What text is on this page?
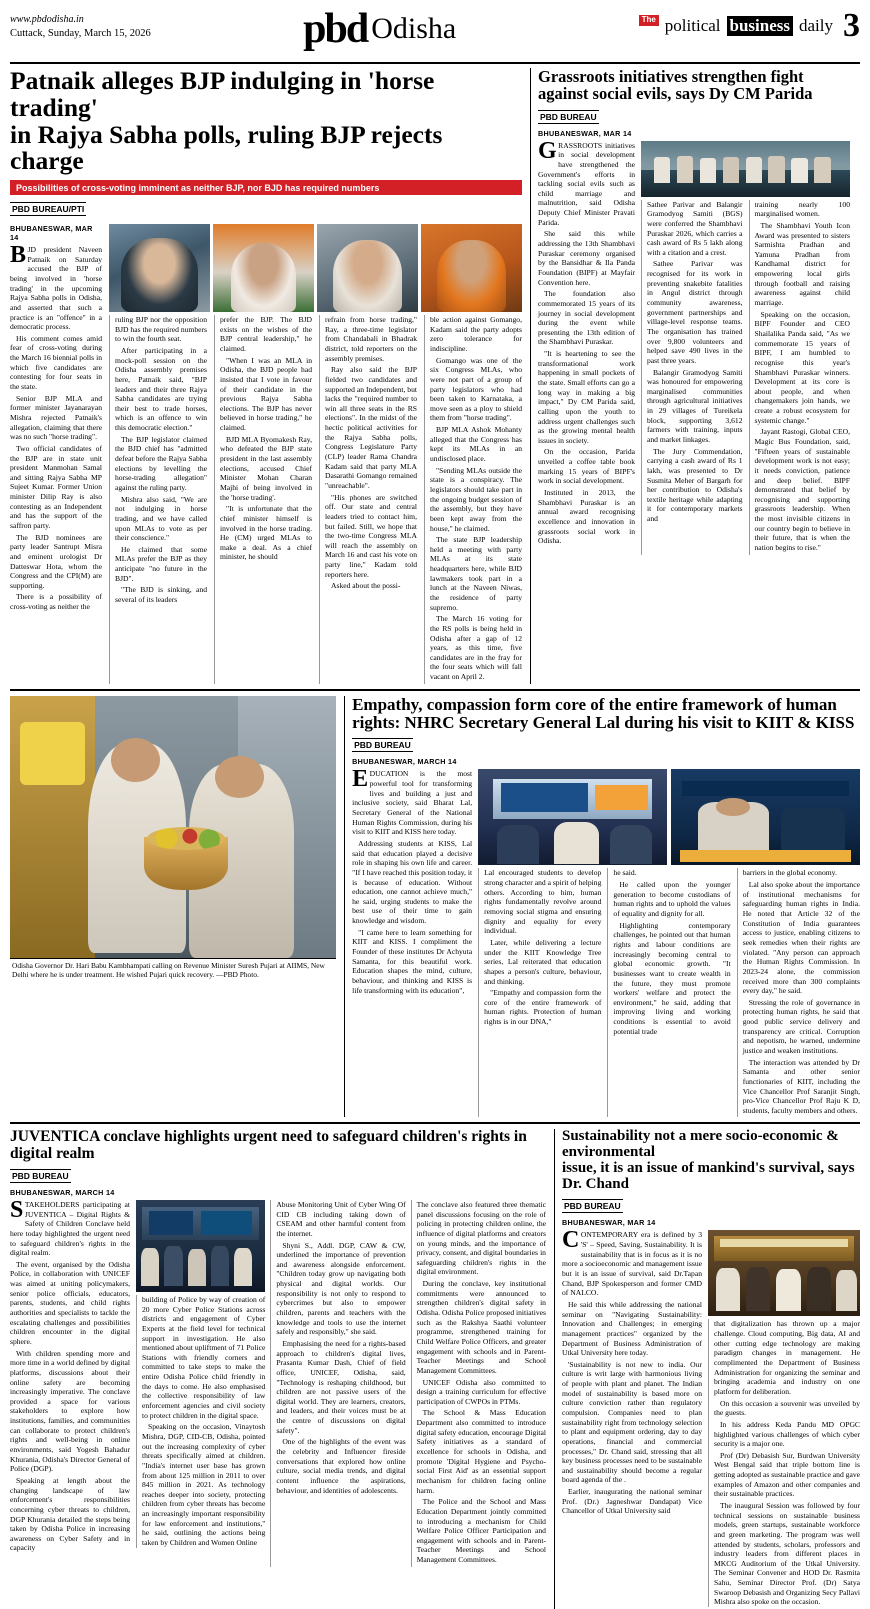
www.pbdodisha.in
Cuttack, Sunday, March 15, 2026	pbd Odisha	The political business daily 3
Patnaik alleges BJP indulging in 'horse trading'
in Rajya Sabha polls, ruling BJP rejects charge
Possibilities of cross-voting imminent as neither BJP, nor BJD has required numbers
PBD BUREAU/PTI
BHUBANESWAR, MAR 14

BJD president Naveen Patnaik on Saturday accused the BJP of being involved in 'horse trading' in the upcoming Rajya Sabha polls in Odisha, and asserted that such a practice is an "offence" in a democratic process.

His comment comes amid fear of cross-voting during the March 16 biennial polls in which five candidates are contesting for four seats in the state.

Senior BJP MLA and former minister Jayanarayan Mishra rejected Patnaik's allegation, claiming that there was no such "horse trading".

Two official candidates of the BJP are in state unit president Manmohan Samal and sitting Rajya Sabha MP Sujeet Kumar. Former Union minister Dilip Ray is also contesting as an Independent and has the support of the saffron party.

The BJD nominees are party leader Santrupt Misra and eminent urologist Dr Datteswar Hota, whom the Congress and the CPI(M) are supporting.

There is a possibility of cross-voting as neither the

ruling BJP nor the opposition BJD has the required numbers to win the fourth seat.

After participating in a mock-poll session on the Odisha assembly premises here, Patnaik said, "BJP leaders and their three Rajya Sabha candidates are trying their best to trade horses, which is an offence to win this democratic election."

The BJP legislator claimed the BJD chief has "admitted defeat before the Rajya Sabha elections by levelling the horse-trading allegation" against the ruling party.

Mishra also said, "We are not indulging in horse trading, and we have called upon MLAs to vote as per their conscience."

He claimed that some MLAs prefer the BJP as they anticipate "no future in the BJD".

"The BJD is sinking, and several of its leaders

prefer the BJP. The BJD exists on the wishes of the BJP central leadership," he claimed.

"When I was an MLA in Odisha, the BJD people had insisted that I vote in favour of their candidate in the previous Rajya Sabha elections. The BJP has never believed in horse trading," he claimed.

BJD MLA Byomakesh Ray, who defeated the BJP state president in the last assembly elections, accused Chief Minister Mohan Charan Majhi of being involved in the 'horse trading'.

"It is unfortunate that the chief minister himself is involved in the horse trading. He (CM) urged MLAs to make a deal. As a chief minister, he should

refrain from horse trading," Ray, a three-time legislator from Chandabali in Bhadrak district, told reporters on the assembly premises.

Ray also said the BJP fielded two candidates and supported an Independent, but lacks the "required number to win all three seats in the RS elections". In the midst of the hectic political activities for the Rajya Sabha polls, Congress Legislature Party (CLP) leader Rama Chandra Kadam said that party MLA Dasarathi Gomango remained "unreachable".

"His phones are switched off. Our state and central leaders tried to contact him, but failed. Still, we hope that the two-time Congress MLA will reach the assembly on March 16 and cast his vote on party line," Kadam told reporters here.

Asked about the possi-

ble action against Gomango, Kadam said the party adopts zero tolerance for indiscipline.

Gomango was one of the six Congress MLAs, who were not part of a group of party legislators who had been taken to Karnataka, a move seen as a ploy to shield them from "horse trading".

BJP MLA Ashok Mohanty alleged that the Congress has kept its MLAs in an undisclosed place.

"Sending MLAs outside the state is a conspiracy. The legislators should take part in the ongoing budget session of the assembly, but they have been kept away from the house," he claimed.

The state BJP leadership held a meeting with party MLAs at its state headquarters here, while BJD lawmakers took part in a lunch at the Naveen Niwas, the residence of party supremo.

The March 16 voting for the RS polls is being held in Odisha after a gap of 12 years, as this time, five candidates are in the fray for the four seats which will fall vacant on April 2.

Grassroots initiatives strengthen fight
against social evils, says Dy CM Parida
PBD BUREAU
BHUBANESWAR, MAR 14

GRASSROOTS initiatives in social development have strengthened the Government's efforts in tackling social evils such as child marriage and malnutrition, said Odisha Deputy Chief Minister Pravati Parida.

She said this while addressing the 13th Shambhavi Puraskar ceremony organised by the Bansidhar & Ila Panda Foundation (BIPF) at Mayfair Convention here.

The foundation also commemorated 15 years of its journey in social development during the event while presenting the 13th edition of the Shambhavi Puraskar.

"It is heartening to see the transformational work happening in small pockets of the state. Small efforts can go a long way in making a big impact," Dy CM Parida said, calling upon the youth to address urgent challenges such as the growing mental health issues in society.

On the occasion, Parida unveiled a coffee table book marking 15 years of BIPF's work in social development.

Instituted in 2013, the Shambhavi Puraskar is an annual award recognising excellence and innovation in grassroots social work in Odisha.

Sathee Parivar and Balangir Gramodyog Samiti (BGS) were conferred the Shambhavi Puraskar 2026, which carries a cash award of Rs 5 lakh along with a citation and a crest.

Sathee Parivar was recognised for its work in preventing snakebite fatalities in Angul district through community awareness, government partnerships and village-level response teams. The organisation has trained over 9,800 volunteers and helped save 490 lives in the past three years.

Balangir Gramodyog Samiti was honoured for empowering marginalised communities through agricultural initiatives in 29 villages of Tureikela block, supporting 3,612 farmers with training, inputs and market linkages.

The Jury Commendation, carrying a cash award of Rs 1 lakh, was presented to Dr Susmita Meher of Bargarh for her contribution to Odisha's textile heritage while adapting it for contemporary markets and

training nearly 100 marginalised women.

The Shambhavi Youth Icon Award was presented to sisters Sarmishta Pradhan and Yamuna Pradhan from Kandhamal district for empowering local girls through football and raising awareness against child marriage.

Speaking on the occasion, BIPF Founder and CEO Shailalika Panda said, "As we commemorate 15 years of BIPF, I am humbled to recognise this year's Shambhavi Puraskar winners. Development at its core is about people, and when changemakers join hands, we create a robust ecosystem for systemic change."

Jayant Rastogi, Global CEO, Magic Bus Foundation, said, "Fifteen years of sustainable development work is not easy; it needs conviction, patience and deep belief. BIPF demonstrated that belief by recognising and supporting grassroots leadership. When the most invisible citizens in our country begin to believe in their future, that is when the nation begins to rise."

Odisha Governor Dr. Hari Babu Kambhampati calling on Revenue Minister Suresh Pujari at AIIMS, New Delhi where he is under treatment. He wished Pujari quick recovery. —PBD Photo.
Empathy, compassion form core of the entire framework of human
rights: NHRC Secretary General Lal during his visit to KIIT & KISS
PBD BUREAU
BHUBANESWAR, MARCH 14

EDUCATION is the most powerful tool for transforming lives and building a just and inclusive society, said Bharat Lal, Secretary General of the National Human Rights Commission, during his visit to KIIT and KISS here today.

Addressing students at KISS, Lal said that education played a decisive role in shaping his own life and career. "If I have reached this position today, it is because of education. Without education, one cannot achieve much," he said, urging students to make the best use of their time to gain knowledge and wisdom.

"I came here to learn something for KIIT and KISS. I compliment the Founder of these institutes Dr Achyuta Samanta, for this beautiful work. Education shapes the mind, culture, behaviour, and thinking and KISS is life transforming with its education",

Lal encouraged students to develop strong character and a spirit of helping others. According to him, human rights fundamentally revolve around removing social stigma and ensuring dignity and equality for every individual.

Later, while delivering a lecture under the KIIT Knowledge Tree series, Lal reiterated that education shapes a person's culture, behaviour, and thinking.

"Empathy and compassion form the core of the entire framework of human rights. Protection of human rights is in our DNA,"

he said.

He called upon the younger generation to become custodians of human rights and to uphold the values of equality and dignity for all.

Highlighting contemporary challenges, he pointed out that human rights and labour conditions are increasingly becoming central to global economic growth. "It businesses want to create wealth in the future, they must promote workers' welfare and protect the environment," he said, adding that improving living and working conditions is essential to avoid potential trade

barriers in the global economy.

Lal also spoke about the importance of institutional mechanisms for safeguarding human rights in India. He noted that Article 32 of the Constitution of India guarantees access to justice, enabling citizens to seek remedies when their rights are violated. "Any person can approach the Human Rights Commission. In 2023-24 alone, the commission received more than 300 complaints every day," he said.

Stressing the role of governance in protecting human rights, he said that good public service delivery and transparency are critical. Corruption and nepotism, he warned, undermine justice and weaken institutions.

The interaction was attended by Dr Samanta and other senior functionaries of KIIT, including the Vice Chancellor Prof Saranjit Singh, pro-Vice Chancellor Prof Raju K D, students, faculty members and others.

JUVENTICA conclave highlights urgent need to safeguard children's rights in digital realm
PBD BUREAU
BHUBANESWAR, MARCH 14

STAKEHOLDERS participating at JUVENTICA – Digital Rights & Safety of Children Conclave held here today highlighted the urgent need to safeguard children's rights in the digital realm.

The event, organised by the Odisha Police, in collaboration with UNICEF was aimed at uniting policymakers, senior police officials, educators, parents, students, and child rights authorities and specialists to tackle the escalating challenges and possibilities children encounter in the digital sphere.

With children spending more and more time in a world defined by digital platforms, discussions about their online safety are becoming increasingly imperative. The conclave provided a space for various stakeholders to explore how institutions, families, and communities can collaborate to protect children's rights and well-being in online environments, said Yogesh Bahadur Khurania, Odisha's Director General of Police (DGP).

Speaking at length about the changing landscape of law enforcement's responsibilities concerning cyber threats to children, DGP Khurania detailed the steps being taken by Odisha Police in increasing awareness on Cyber Safety and in capacity

building of Police by way of creation of 20 more Cyber Police Stations across districts and engagement of Cyber Experts at the field level for technical support in investigation. He also mentioned about upliftment of 71 Police Stations with friendly corners and committed to take steps to make the entire Odisha Police child friendly in the days to come. He also emphasised the collective responsibility of law enforcement agencies and civil society to protect children in the digital space.

Speaking on the occasion, Vinaytosh Mishra, DGP, CID-CB, Odisha, pointed out the increasing complexity of cyber threats specifically aimed at children. "India's internet user base has grown from about 125 million in 2011 to over 845 million in 2021. As technology reaches deeper into society, protecting children from cyber threats has become an increasingly important responsibility for law enforcement and institutions," he said, outlining the actions being taken by Children and Women Online

Abuse Monitoring Unit of Cyber Wing Of CID CB including taking down of CSEAM and other harmful content from the internet.

Shyni S., Addl. DGP, CAW & CW, underlined the importance of prevention and awareness alongside enforcement. "Children today grow up navigating both physical and digital worlds. Our responsibility is not only to respond to cybercrimes but also to empower children, parents and teachers with the knowledge and tools to use the internet safely and responsibly," she said.

Emphasising the need for a rights-based approach to children's digital lives, Prasanta Kumar Dash, Chief of field office, UNICEF, Odisha, said, "Technology is reshaping childhood, but children are not passive users of the digital world. They are learners, creators, and leaders, and their voices must be at the centre of discussions on digital safety".

One of the highlights of the event was the celebrity and Influencer fireside conversations that explored how online culture, social media trends, and digital content influence the aspirations, behaviour, and identities of adolescents.

The conclave also featured three thematic panel discussions focusing on the role of policing in protecting children online, the influence of digital platforms and creators on young minds, and the importance of privacy, consent, and digital boundaries in safeguarding children's rights in the digital environment.

During the conclave, key institutional commitments were announced to strengthen children's digital safety in Odisha. Odisha Police proposed initiatives such as the Rakshya Saathi volunteer programme, strengthened training for Child Welfare Police Officers, and greater engagement with schools and in Parent-Teacher Meetings and School Management Committees.

UNICEF Odisha also committed to design a training curriculum for effective participation of CWPOs in PTMs.

The School & Mass Education Department also committed to introduce digital safety education, encourage Digital Safety initiatives as a standard of excellence for schools in Odisha, and promote 'Digital Hygiene and Psycho-social First Aid' as an essential support mechanism for children facing online harm.

The Police and the School and Mass Education Department jointly committed to introducing a mechanism for Child Welfare Police Officer Participation and engagement with schools and in Parent-Teacher Meetings and School Management Committees.

Sustainability not a mere socio-economic & environmental
issue, it is an issue of mankind's survival, says Dr. Chand
PBD BUREAU
BHUBANESWAR, MAR 14

CONTEMPORARY era is defined by 3 'S' – Speed, Saving, Sustainability. It is sustainability that is in focus as it is no more a socioeconomic and management issue but it is an issue of survival, said Dr.Tapan Chand, BJP Spokesperson and former CMD of NALCO.

He said this while addressing the national seminar on "Navigating Sustainability: Innovation and Challenges; in emerging management practices" organized by the Department of Business Administration of Utkal University here today.

'Sustainability is not new to india. Our culture is writ large with harmonious living of people with plant and planet. The Indian model of sustainability is based more on culture conviction rather than regulatory compulsion. Companies need to plan sustainability right from technology selection to plant and equipment ordering, day to day operations, financial and commercial processes," Dr. Chand said, stressing that all key business processes need to be sustainable and sustainability should become a regular board agenda of the .

Earlier, inaugurating the national seminar Prof. (Dr.) Jagneshwar Dandapat) Vice Chancellor of Utkal University said

that digitalization has thrown up a major challenge. Cloud computing, Big data, AI and other cutting edge technology are making paradigm changes in management. He complimented the Department of Business Administration for organizing the seminar and bringing academia and industry on one platform for deliberation.

On this occasion a souvenir was unveiled by the guests.

In his address Keda Pandu MD OPGC highlighted various challenges of which cyber security is a major one.

Prof (Dr) Debasish Sur, Burdwan University West Bengal said that triple bottom line is getting adopted as sustainable practice and gave examples of Amazon and other companies and their sustainable practices.

The inaugural Session was followed by four technical sessions on sustainable business models, green startups, sustainable workforce and green marketing. The program was well attended by students, scholars, professors and industry leaders from different places in MKCG Auditorium of the Utkal University. The Seminar Convener and HOD Dr. Rasmita Sahu, Seminar Director Prof. (Dr) Satya Swaroop Debasish and Organizing Secy Pallavi Mishra also spoke on the occasion.
